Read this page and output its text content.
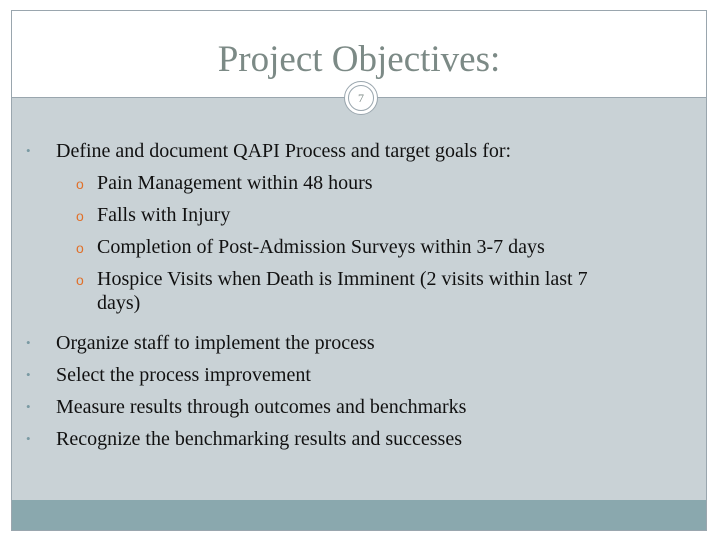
Project Objectives:
7
• Define and document QAPI Process and target goals for:
o Pain Management within 48 hours
o Falls with Injury
o Completion of Post-Admission Surveys within 3-7 days
o Hospice Visits when Death is Imminent (2 visits within last 7
days)
• Organize staff to implement the process
• Select the process improvement
• Measure results through outcomes and benchmarks
• Recognize the benchmarking results and successes
